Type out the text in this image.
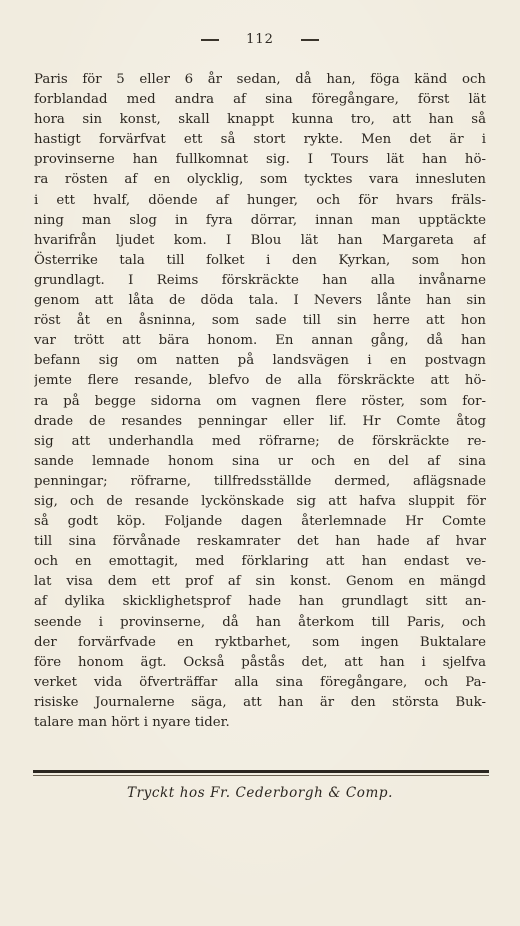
112
Paris för 5 eller 6 år sedan, då han, föga känd och
forblandad med andra af sina föregångare, först lät
hora sin konst, skall knappt kunna tro, att han så
hastigt forvärfvat ett så stort rykte. Men det är i
provinserne han fullkomnat sig. I Tours lät han hö-
ra rösten af en olycklig, som tycktes vara innesluten
i ett hvalf, döende af hunger, och för hvars fräls-
ning man slog in fyra dörrar, innan man upptäckte
hvarifrån ljudet kom. I Blou lät han Margareta af
Österrike tala till folket i den Kyrkan, som hon
grundlagt. I Reims förskräckte han alla invånarne
genom att låta de döda tala. I Nevers lånte han sin
röst åt en åsninna, som sade till sin herre att hon
var trött att bära honom. En annan gång, då han
befann sig om natten på landsvägen i en postvagn
jemte flere resande, blefvo de alla förskräckte att hö-
ra på begge sidorna om vagnen flere röster, som for-
drade de resandes penningar eller lif. Hr Comte åtog
sig att underhandla med röfrarne; de förskräckte re-
sande lemnade honom sina ur och en del af sina
penningar; röfrarne, tillfredsställde dermed, aflägsnade
sig, och de resande lyckönskade sig att hafva sluppit för
så godt köp. Foljande dagen återlemnade Hr Comte
till sina förvånade reskamrater det han hade af hvar
och en emottagit, med förklaring att han endast ve-
lat visa dem ett prof af sin konst. Genom en mängd
af dylika skicklighetsprof hade han grundlagt sitt an-
seende i provinserne, då han återkom till Paris, och
der forvärfvade en ryktbarhet, som ingen Buktalare
före honom ägt. Också påstås det, att han i sjelfva
verket vida öfverträffar alla sina föregångare, och Pa-
risiske Journalerne säga, att han är den största Buk-
talare man hört i nyare tider.
Tryckt hos Fr. Cederborgh & Comp.
